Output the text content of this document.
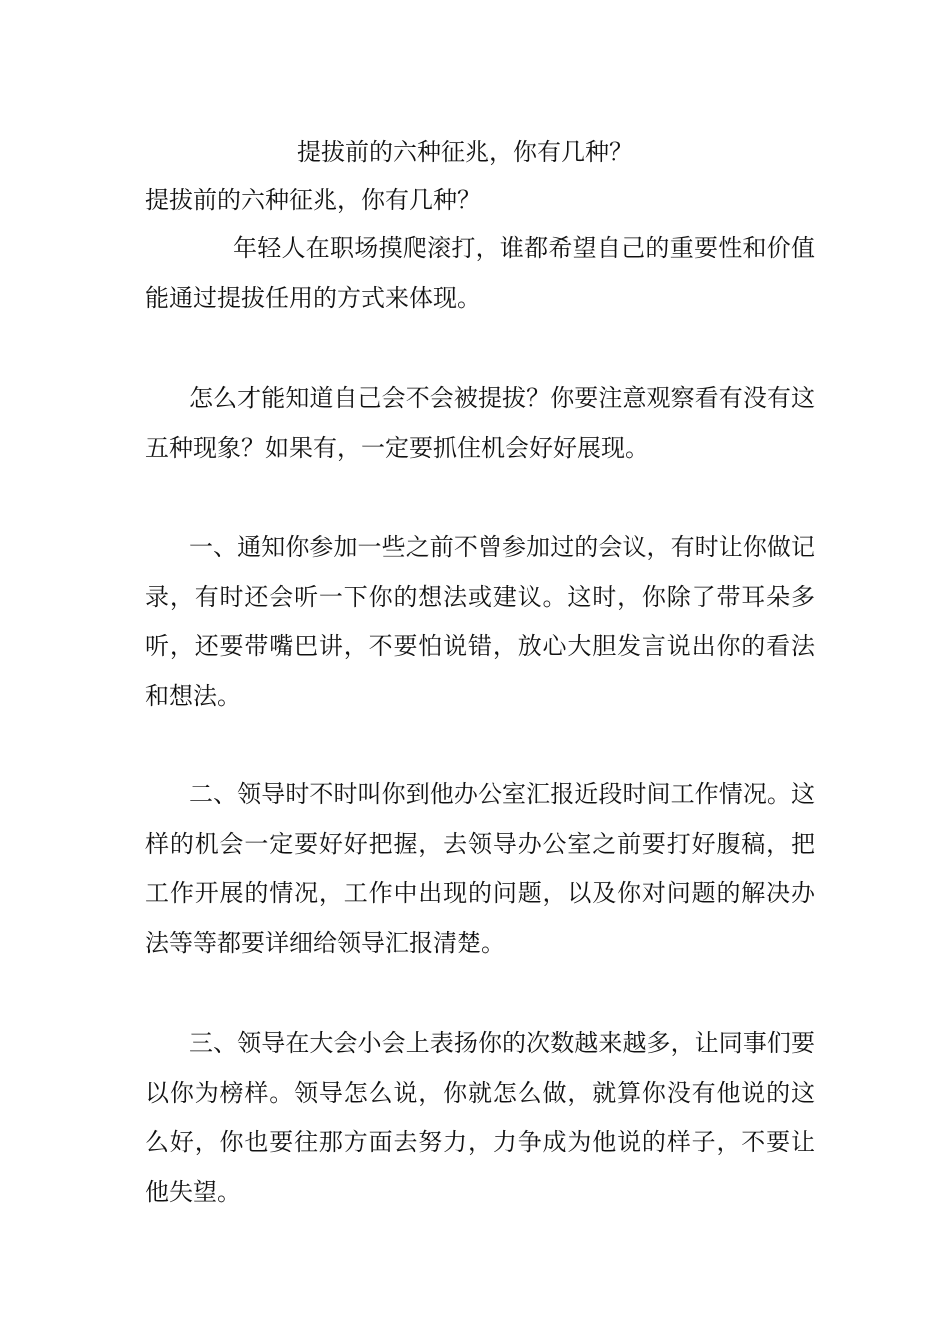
提拔前的六种征兆，你有几种？
提拔前的六种征兆，你有几种？

年轻人在职场摸爬滚打，谁都希望自己的重要性和价值能通过提拔任用的方式来体现。

怎么才能知道自己会不会被提拔？你要注意观察看有没有这五种现象？如果有，一定要抓住机会好好展现。

一、通知你参加一些之前不曾参加过的会议，有时让你做记录，有时还会听一下你的想法或建议。这时，你除了带耳朵多听，还要带嘴巴讲，不要怕说错，放心大胆发言说出你的看法和想法。

二、领导时不时叫你到他办公室汇报近段时间工作情况。这样的机会一定要好好把握，去领导办公室之前要打好腹稿，把工作开展的情况，工作中出现的问题，以及你对问题的解决办法等等都要详细给领导汇报清楚。

三、领导在大会小会上表扬你的次数越来越多，让同事们要以你为榜样。领导怎么说，你就怎么做，就算你没有他说的这么好，你也要往那方面去努力，力争成为他说的样子，不要让他失望。
